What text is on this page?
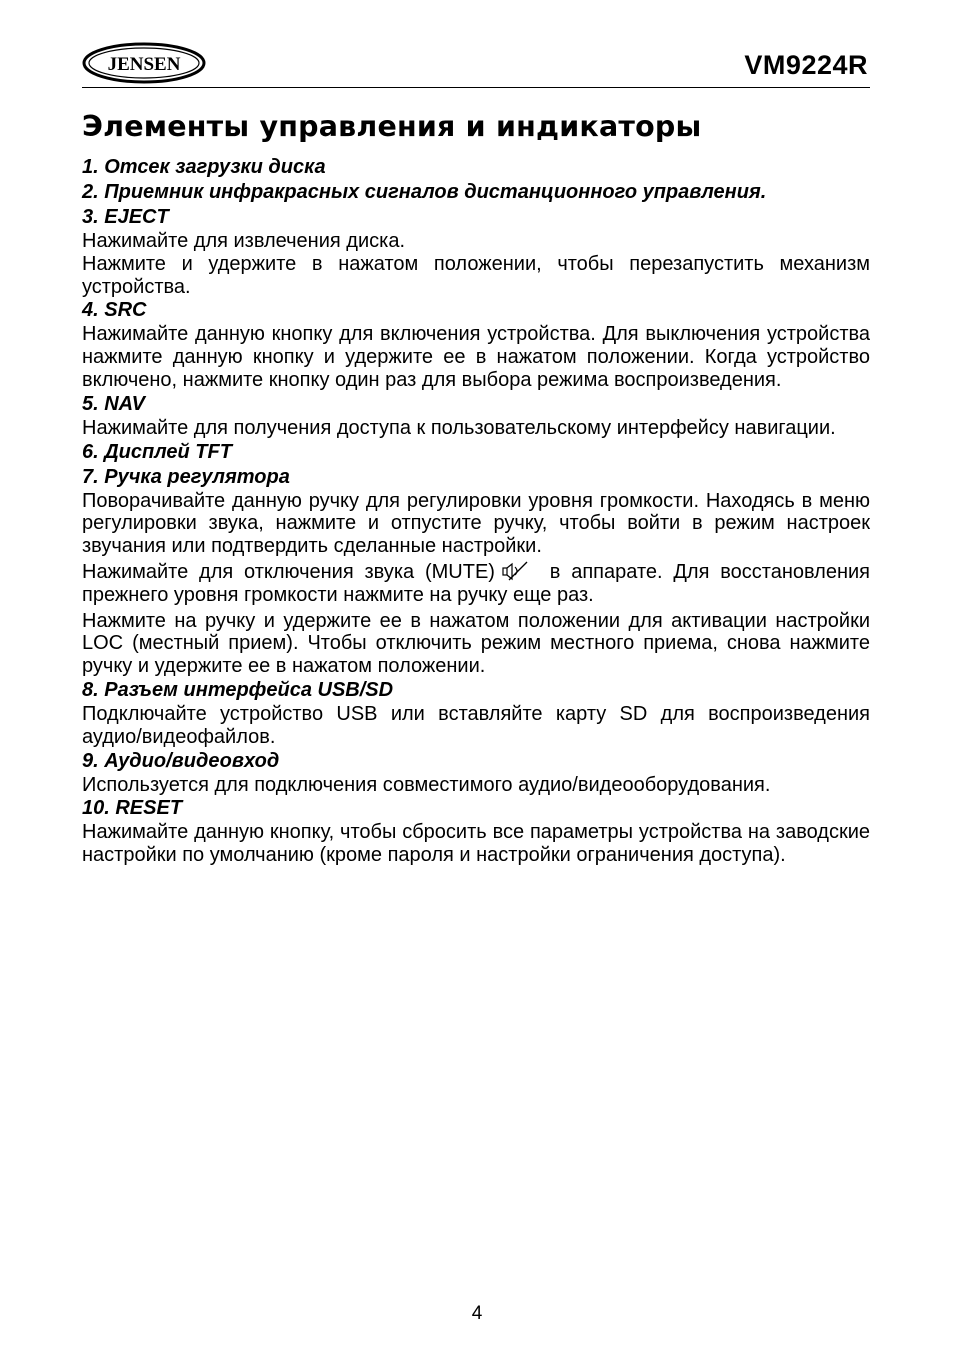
JENSEN	VM9224R
Элементы управления и индикаторы
1. Отсек загрузки диска
2. Приемник инфракрасных сигналов дистанционного управления.
3. EJECT
Нажимайте для извлечения диска.
Нажмите и удержите в нажатом положении, чтобы перезапустить механизм устройства.
4. SRC
Нажимайте данную кнопку для включения устройства. Для выключения устройства нажмите данную кнопку и удержите ее в нажатом положении. Когда устройство включено, нажмите кнопку один раз для выбора режима воспроизведения.
5. NAV
Нажимайте для получения доступа к пользовательскому интерфейсу навигации.
6. Дисплей TFT
7. Ручка регулятора
Поворачивайте данную ручку для регулировки уровня громкости. Находясь в меню регулировки звука, нажмите и отпустите ручку, чтобы войти в режим настроек звучания или подтвердить сделанные настройки.
Нажимайте для отключения звука (MUTE)	в аппарате. Для восстановления прежнего уровня громкости нажмите на ручку еще раз.
Нажмите на ручку и удержите ее в нажатом положении для активации настройки LOC (местный прием). Чтобы отключить режим местного приема, снова нажмите ручку и удержите ее в нажатом положении.
8. Разъем интерфейса USB/SD
Подключайте устройство USB или вставляйте карту SD для воспроизведения аудио/видеофайлов.
9. Аудио/видеовход
Используется для подключения совместимого аудио/видеооборудования.
10. RESET
Нажимайте данную кнопку, чтобы сбросить все параметры устройства на заводские настройки по умолчанию (кроме пароля и настройки ограничения доступа).
4
